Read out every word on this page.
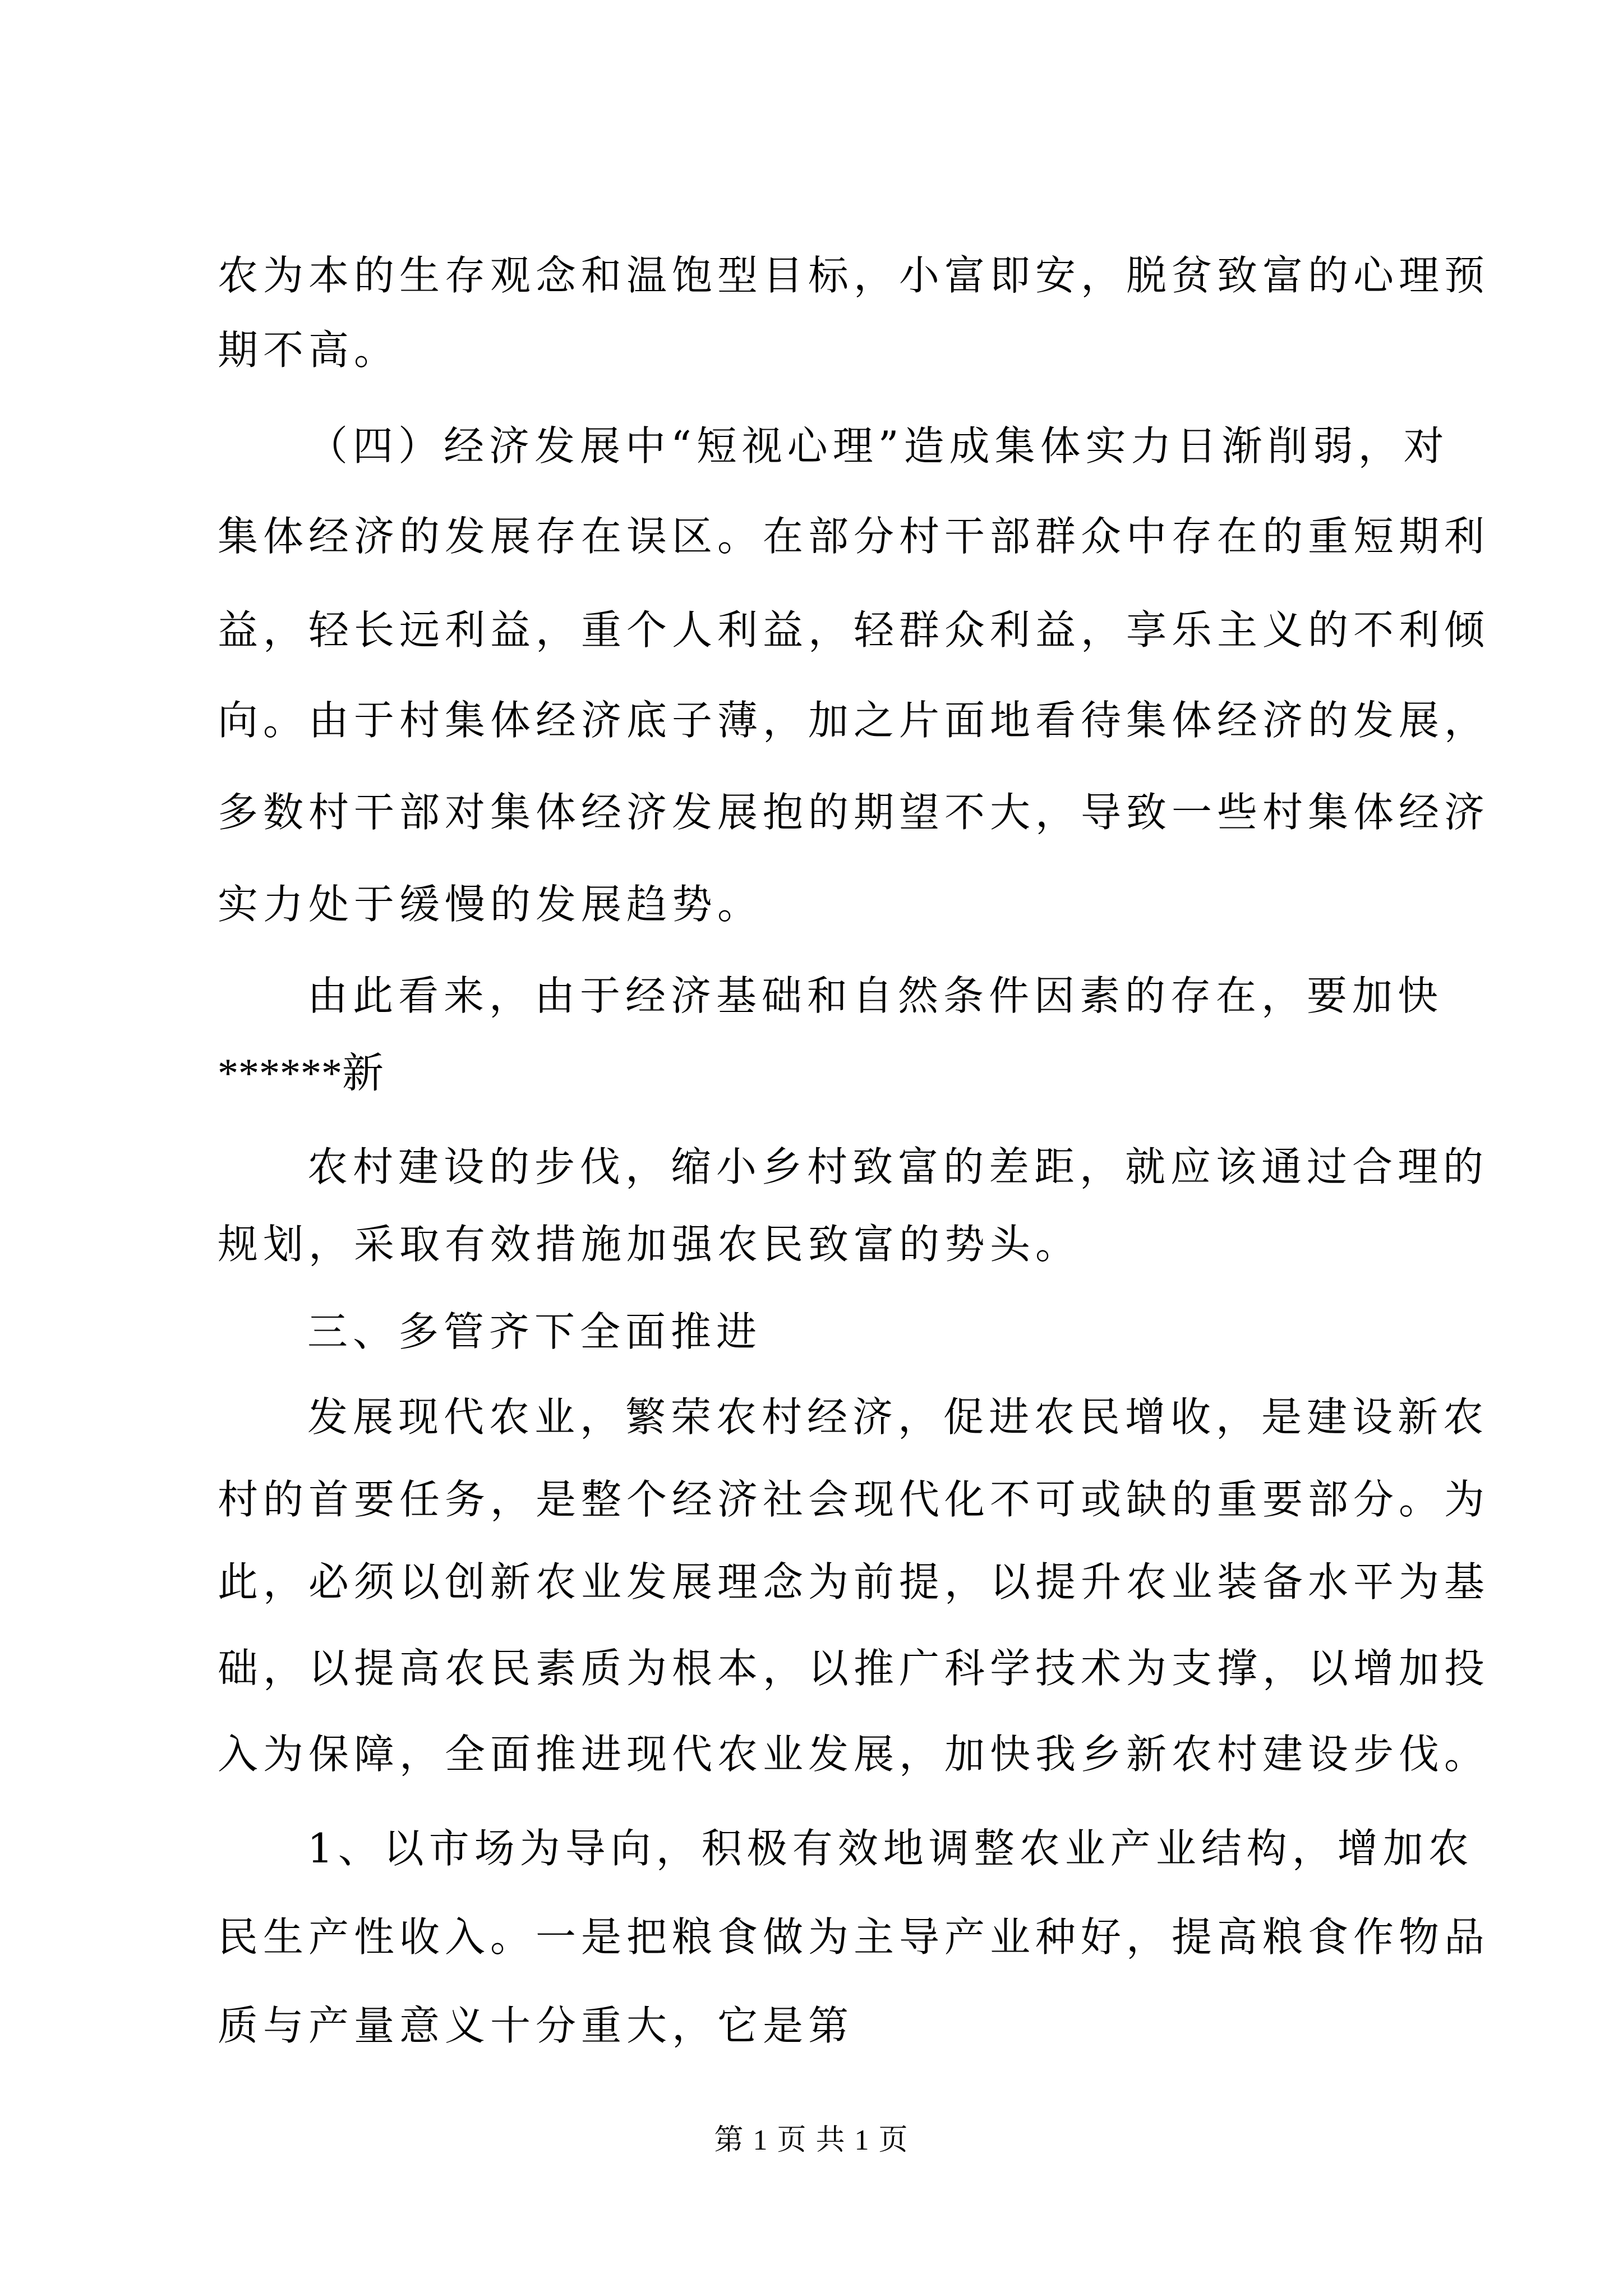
农为本的生存观念和温饱型目标，小富即安，脱贫致富的心理预
期不高。
（四）经济发展中“短视心理”造成集体实力日渐削弱，对
集体经济的发展存在误区。在部分村干部群众中存在的重短期利
益，轻长远利益，重个人利益，轻群众利益，享乐主义的不利倾
向。由于村集体经济底子薄，加之片面地看待集体经济的发展，
多数村干部对集体经济发展抱的期望不大，导致一些村集体经济
实力处于缓慢的发展趋势。
由此看来，由于经济基础和自然条件因素的存在，要加快
******新
农村建设的步伐，缩小乡村致富的差距，就应该通过合理的
规划，采取有效措施加强农民致富的势头。
三、多管齐下全面推进
发展现代农业，繁荣农村经济，促进农民增收，是建设新农
村的首要任务，是整个经济社会现代化不可或缺的重要部分。为
此，必须以创新农业发展理念为前提，以提升农业装备水平为基
础，以提高农民素质为根本，以推广科学技术为支撑，以增加投
入为保障，全面推进现代农业发展，加快我乡新农村建设步伐。
1、以市场为导向，积极有效地调整农业产业结构，增加农
民生产性收入。一是把粮食做为主导产业种好，提高粮食作物品
质与产量意义十分重大，它是第
第 1 页 共 1 页
